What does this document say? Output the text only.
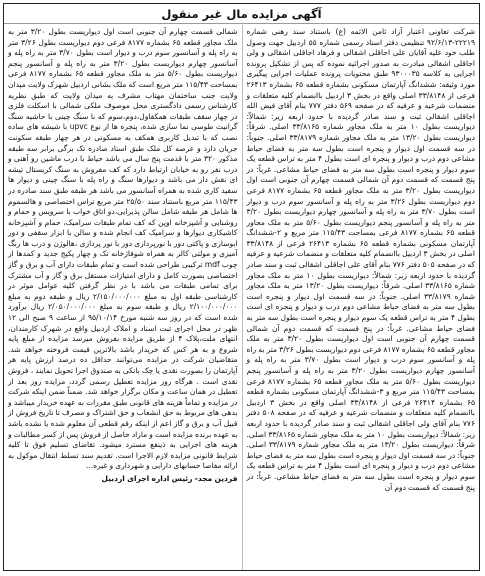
آگهی مزایده مال غیر منقول
شرکت تعاونی اعتبار آزاد ثامن الائمه (ع) باستناد سند رهنی شماره ۲۲۲۱۹-۹۲/۶/۱۳ تنظیمی دفتر اسناد رسمی شماره ۵۵ اردبیل جهت وصول طلب خود علیه آقایان علی اجاقلی اشقالی و فرهاد اجاقلی اشقالی و ولی اجاقلی اشقالی مبادرت به صدور اجرائیه نموده که پس از تشکیل پرونده اجرایی به کلاسه ۹۳۰۰۰۳۵ طبق محتویات پرونده عملیات اجرایی پیگیری مورد وثیقه: ششدانگ آپارتمان مسکونی بشماره قطعه ۶۵ بشماره ۲۶۴۱۳ فرعی از ۳۳/۸۱۴۸ اصلی واقع در بخش ۳ اردبیل باانضمام کلیه متعلقات و منضمات شرعیه و عرفیه که در صفحه ۵۶۹ دفتر ۷۷۷ بنام آقای فیض الله اجاقلی اشقالی ثبت و سند صادر گردیده با حدود اربعه زیر: شمالاً: دیواریست بطول ۱۰ متر به ملک مجاور شماره ۳۳/۸۱۶۵ اصلی. شرقاً: دیواریست بطول ۱۳/۲۰ متر به ملک مجاور شماره ۳۳/۸۱۷۹ اصلی. جنوباً: در سه قسمت اول دیوار و پنجره است بطول سه متر به فضای حیاط مشاعی دوم درب و دیوار و پنجره ای است بطول ۴ متر به تراس قطعه یک سوم دیوار و پنجره است بطول سه متر به فضای حیاط مشاعی. غرباً: در پنج قسمت که قسمت دوم آن شمالی قسمت چهارم آن جنوبی است اول دیواریست بطول ۳/۲۰ متر به ملک مجاور قطعه ۶۵ بشماره ۸۱۷۷ فرعی دوم دیواریست بطول ۳/۲۶ متر به راه پله و آسانسور سوم درب و دیوار است بطول ۳/۷۰ متر به راه پله و آسانسور چهارم دیواریست بطول ۳/۲۰ متر به راه پله و آسانسور پنجم دیواریست بطول ۵/۶۰ متر به ملک مجاور قطعه ۶۵ بشماره ۸۱۷۷ فرعی بمساحت ۱۱۵/۴۳ متر مربع و ۲-ششدانگ آپارتمان مسکونی بشماره قطعه ۶۵ بشماره ۲۶۴۱۳ فرعی از ۳۳/۸۱۴۸ اصلی در بخش ۳ اردبیل باانضمام کلیه متعلقات و منضمات شرعیه و عرفیه که در صفحه ۵۰۵ دفتر ۷۷۶ بنام آقای علی اجاقلی اشقالی ثبت و سند صادر گردیده با حدود اربعه زیر: شمالاً: دیواریست بطول ۱۰ متر به ملک مجاور شماره ۳۳/۸۱۶۵ اصلی. شرقاً: دیواریست بطول ۱۳/۲۰ متر به ملک مجاور شماره ۳۳/۸۱۷۹ اصلی. جنوباً: در سه قسمت اول دیوار و پنجره است بطول سه متر به فضای حیاط مشاعی دوم درب و دیوار و پنجره ای است بطول ۴ متر به تراس قطعه یک سوم دیوار و پنجره است بطول سه متر به فضای حیاط مشاعی. غرباً: در پنج قسمت که قسمت دوم آن شمالی قسمت چهارم آن جنوبی است اول دیواریست بطول ۳/۲۰ متر به ملک مجاور قطعه ۶۵ بشماره ۸۱۷۷ فرعی دوم دیواریست بطول ۳/۲۶ متر به راه پله و آسانسور سوم درب و دیوار است بطول ۳/۷۰ متر به راه پله و آسانسور چهارم دیواریست بطول ۳/۲۰ متر به راه پله و آسانسور پنجم دیواریست بطول ۵/۶۰ متر به ملک مجاور قطعه ۶۵ بشماره ۸۱۷۷ فرعی بمساحت ۱۱۵/۴۳ متر مربع و ۳-ششدانگ آپارتمان مسکونی بشماره قطعه ۶۵ بشماره ۲۶۴۱۴ فرعی از ۳۳/۸۱۴۸ اصلی واقع در بخش ۳ اردبیل باانضمام کلیه متعلقات و منضمات شرعیه و عرفیه که در صفحه ۵۰۸ دفتر ۷۷۶ بنام آقای ولی اجاقلی اشقالی ثبت و سند صادر گردیده با حدود اربعه زیر: شمالاً: دیواریست بطول ۱۰ متر به ملک مجاور شماره ۳۳/۸۱۶۵ اصلی. شرقاً: دیواریست بطول ۱۳/۲۰ متر به ملک مجاور شماره ۳۳/۸۱۷۹ اصلی. جنوباً: در سه قسمت اول دیوار و پنجره است بطول سه متر به فضای حیاط مشاعی دوم درب و دیوار و پنجره ای است بطول ۴ متر به تراس قطعه یک سوم دیوار و پنجره است بطول سه متر به فضای حیاط مشاعی. غرباً: در پنج قسمت که قسمت دوم آن
شمالی قسمت چهارم آن جنوبی است اول دیواریست بطول ۳/۲۰ متر به ملک مجاور قطعه ۶۵ بشماره ۸۱۷۷ فرعی دوم دیواریست بطول ۳/۲۶ متر به راه پله و آسانسور سوم درب و دیوار است بطول ۳/۷۰ متر به راه پله و آسانسور چهارم دیواریست بطول ۳/۲۰ متر به راه پله و آسانسور پنجم دیواریست بطول ۵/۶۰ متر به ملک مجاور قطعه ۶۵ بشماره ۸۱۷۷ فرعی بمساحت ۱۱۵/۴۳ متر مربع است که ملک بشانی اردبیل شهرک ولایت میدان ولایت جنب ساختمان مهتاب مشرف به میدان ولایت که طبق نظریه کارشناس رسمی دادگستری محل موصوف ملکی شمالی با اسکلت فلزی در چهار سقف طبقات همکفاول،دوم،سوم که با سنگ چینی با حاشیه سنگ گرانیت طوسی نما سازی شده، پنجره ها از نوع upvc با شیشه های ساده نصب که با تبدیل کاربری همکف به مسکونی در هر چهار طبقه سکونت جریان دارد و عرصه کل ملک طبق اسناد صادره تک برگی برابر سه طبقه مذکور ۳۲۰ متر با قدمت پنج سال می باشد حیاط با درب ماشین رو آهنی و درب نفر رو به خیابان ارتباط دارد که کف مفروش به سنگ کریستال تیشه ای نقش دار می باشد و دیوارها سنگ و راه پله با سنگ چینی و دیوار ها سفید کاری شده به همراه آسانسور می باشد هر طبقه طبق سند صادره در ۱۱۵/۴۳ متر مربع باستناد سند ۲۵/۵۰ متر مربع تراس اختصاصی و هالسموم ها شامل هر طبقه شامل سالن پذیرایی،دو اتاق خواب با سرویس و حمام و روشنایی و آشپزخانه اوپن که کف تمام طبقات سرامیک، حمام و آشپزخانه کاشیکاری دیوارها و سرامیک کف انجام شده و سالن با ابزار سقفی و دور ابوسازی و پاکتی دور با نورپردازی دور با نور پردازی ،هالوژن و درب ها رنگ آمیزی و مولتی کالر به همراه شوفاژخانه تک و چهار پکیج جدید و کمدها از چوب mdf ترکیبی طراحی شده است و تمام طبقات دارای آب و برق و گاز اختصاصی بصورت کامل و دارای امتیازات مستقل برق و گاز و آب مشترک برای تمامی طبقات می باشد با در نظر گرفتن کلیه عوامل موثر در کارشناسی طبقه اول به مبلغ ۲/۱۵۰/۰۰۰/۰۰۰ ریال و طبقه دوم به مبلغ ۲/۱۰۰/۰۰۰/۰۰۰ ریال و طبقه سوم به مبلغ ۲/۰۵۰/۰۰۰/۰۰۰ ریال برآورد شده است که در روز سه شنبه مورخ ۹۵/۱۰/۱۴ از ساعت ۹ صبح الی ۱۲ ظهر در محل اجرای ثبت اسناد و املاک اردبیل واقع در شهرک کارمندان، انتهای ملت،پلاک ۴ از طریق مزایده بفروش میرسد مزایده از مبلغ پایه شروع و به هر کس که خریدار باشد بالاترین قیمت فروخته خواهد شد. متقاضیان شرکت در مزایده می‌توانند حداقل ده درصد ارزش پایه هر آپارتمان را بصورت نقدی یا چک بانکی به صندوق اجرا تحویل نمایند ، فروش نقدی است . هرگاه روز مزایده تعطیل رسمی گردد، مزایده روز بعد از تعطیل در همان ساعت و مکان برگزار خواهد شد. ضمناً ضمن اینکه شرکت در مزایده و تماماً هزینه های قانونی طبق مقررات به عهده خریدار میباشد و بدهی های مربوط به حق انشعاب و حق اشتراک و مصرف تا تاریخ فروش از قبیل آب و برق و گاز اعم از اینکه رقم قطعی آن معلوم شده یا نشده باشد به عهده برنده مزایده است و مازاد حاصل از فروش پس از کسر مطالبات و هزینه های اجرایی به ذینفع مسترد میشود. تقاضای تسلیم فوق تا کلیه شرایط قانونی مزایده لازم الاجرا است. تقدیم سند تسلط انتقال موکول به ارائه مفاصا حسابهای دارایی و شهرداری و غیره...
فردین مجد- رئیس اداره اجرای اردبیل
